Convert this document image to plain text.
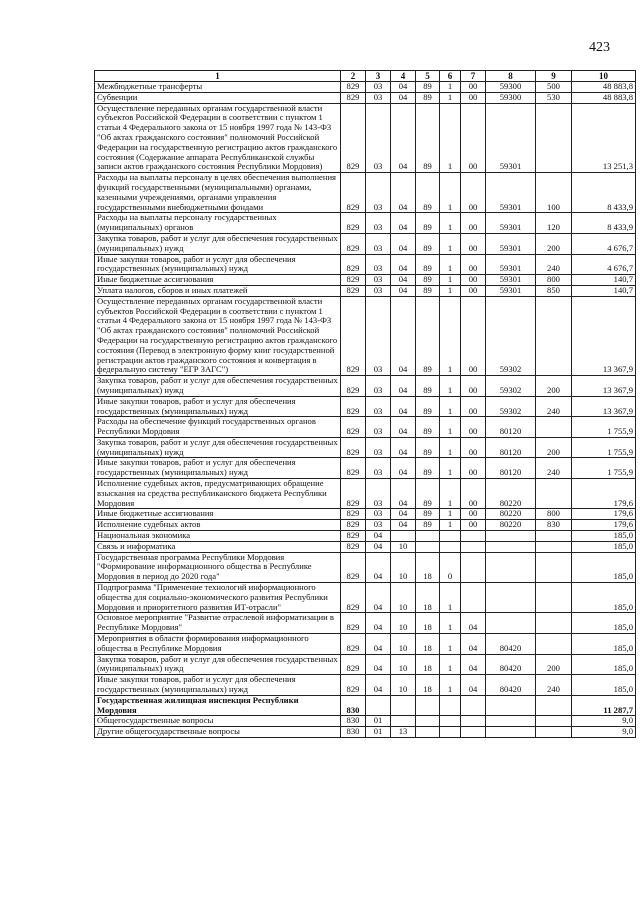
423
1	2	3	4	5	6	7	8	9	10
Межбюджетные трансферты	829	03	04	89	1	00	59300	500	48 883,8
Субвенции	829	03	04	89	1	00	59300	530	48 883,8
Осуществление переданных органам государственной власти субъектов Российской Федерации в соответствии с пунктом 1 статьи 4 Федерального закона от 15 ноября 1997 года № 143-ФЗ "Об актах гражданского состояния" полномочий Российской Федерации на государственную регистрацию актов гражданского состояния (Содержание аппарата Республиканской службы записи актов гражданского состояния Республики Мордовия)	829	03	04	89	1	00	59301		13 251,3
Расходы на выплаты персоналу в целях обеспечения выполнения функций государственными (муниципальными) органами, казенными учреждениями, органами управления государственными внебюджетными фондами	829	03	04	89	1	00	59301	100	8 433,9
Расходы на выплаты персоналу государственных (муниципальных) органов	829	03	04	89	1	00	59301	120	8 433,9
Закупка товаров, работ и услуг для обеспечения государственных (муниципальных) нужд	829	03	04	89	1	00	59301	200	4 676,7
Иные закупки товаров, работ и услуг для обеспечения государственных (муниципальных) нужд	829	03	04	89	1	00	59301	240	4 676,7
Иные бюджетные ассигнования	829	03	04	89	1	00	59301	800	140,7
Уплата налогов, сборов и иных платежей	829	03	04	89	1	00	59301	850	140,7
Осуществление переданных органам государственной власти субъектов Российской Федерации в соответствии с пунктом 1 статьи 4 Федерального закона от 15 ноября 1997 года № 143-ФЗ "Об актах гражданского состояния" полномочий Российской Федерации на государственную регистрацию актов гражданского состояния (Перевод в электронную форму книг государственной регистрации актов гражданского состояния и конвертация в федеральную систему "ЕГР ЗАГС")	829	03	04	89	1	00	59302		13 367,9
Закупка товаров, работ и услуг для обеспечения государственных (муниципальных) нужд	829	03	04	89	1	00	59302	200	13 367,9
Иные закупки товаров, работ и услуг для обеспечения государственных (муниципальных) нужд	829	03	04	89	1	00	59302	240	13 367,9
Расходы на обеспечение функций государственных органов Республики Мордовия	829	03	04	89	1	00	80120		1 755,9
Закупка товаров, работ и услуг для обеспечения государственных (муниципальных) нужд	829	03	04	89	1	00	80120	200	1 755,9
Иные закупки товаров, работ и услуг для обеспечения государственных (муниципальных) нужд	829	03	04	89	1	00	80120	240	1 755,9
Исполнение судебных актов, предусматривающих обращение взыскания на средства республиканского бюджета Республики Мордовия	829	03	04	89	1	00	80220		179,6
Иные бюджетные ассигнования	829	03	04	89	1	00	80220	800	179,6
Исполнение судебных актов	829	03	04	89	1	00	80220	830	179,6
Национальная экономика	829	04							185,0
Связь и информатика	829	04	10						185,0
Государственная программа Республики Мордовия "Формирование информационного общества в Республике Мордовия в период до 2020 года"	829	04	10	18	0				185,0
Подпрограмма "Применение технологий информационного общества для социально-экономического развития Республики Мордовия и приоритетного развития ИТ-отрасли"	829	04	10	18	1				185,0
Основное мероприятие "Развитие отраслевой информатизации в Республике Мордовия"	829	04	10	18	1	04			185,0
Мероприятия в области формирования информационного общества в Республике Мордовия	829	04	10	18	1	04	80420		185,0
Закупка товаров, работ и услуг для обеспечения государственных (муниципальных) нужд	829	04	10	18	1	04	80420	200	185,0
Иные закупки товаров, работ и услуг для обеспечения государственных (муниципальных) нужд	829	04	10	18	1	04	80420	240	185,0
Государственная жилищная инспекция Республики Мордовия	830								11 287,7
Общегосударственные вопросы	830	01							9,0
Другие общегосударственные вопросы	830	01	13						9,0
